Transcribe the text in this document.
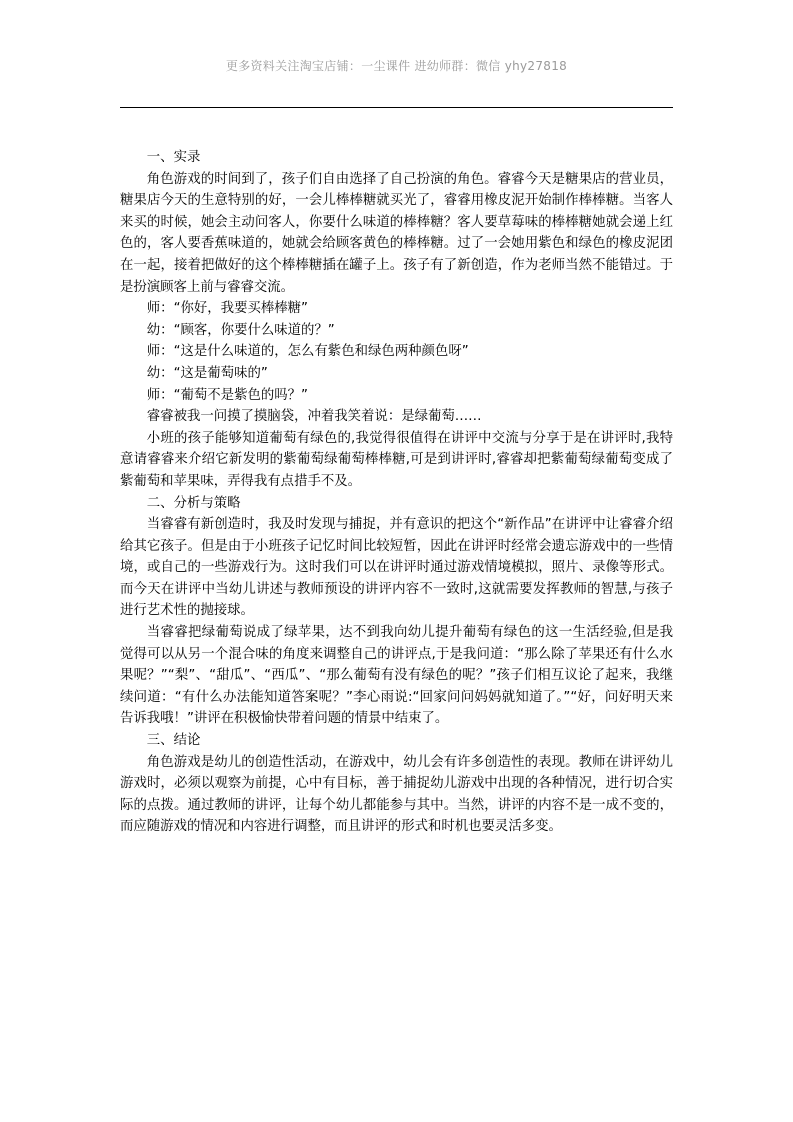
更多资料关注淘宝店铺：一尘课件 进幼师群：微信 yhy27818

一、实录

角色游戏的时间到了，孩子们自由选择了自己扮演的角色。睿睿今天是糖果店的营业员，糖果店今天的生意特别的好，一会儿棒棒糖就买光了，睿睿用橡皮泥开始制作棒棒糖。当客人来买的时候，她会主动问客人，你要什么味道的棒棒糖？客人要草莓味的棒棒糖她就会递上红色的，客人要香蕉味道的，她就会给顾客黄色的棒棒糖。过了一会她用紫色和绿色的橡皮泥团在一起，接着把做好的这个棒棒糖插在罐子上。孩子有了新创造，作为老师当然不能错过。于是扮演顾客上前与睿睿交流。

师：“你好，我要买棒棒糖”

幼：“顾客，你要什么味道的？”

师：“这是什么味道的，怎么有紫色和绿色两种颜色呀”

幼：“这是葡萄味的”

师：“葡萄不是紫色的吗？”

睿睿被我一问摸了摸脑袋，冲着我笑着说：是绿葡萄……

小班的孩子能够知道葡萄有绿色的,我觉得很值得在讲评中交流与分享于是在讲评时,我特意请睿睿来介绍它新发明的紫葡萄绿葡萄棒棒糖,可是到讲评时,睿睿却把紫葡萄绿葡萄变成了紫葡萄和苹果味，弄得我有点措手不及。

二、分析与策略

当睿睿有新创造时，我及时发现与捕捉，并有意识的把这个“新作品”在讲评中让睿睿介绍给其它孩子。但是由于小班孩子记忆时间比较短暂，因此在讲评时经常会遗忘游戏中的一些情境，或自己的一些游戏行为。这时我们可以在讲评时通过游戏情境模拟，照片、录像等形式。而今天在讲评中当幼儿讲述与教师预设的讲评内容不一致时,这就需要发挥教师的智慧,与孩子进行艺术性的抛接球。

当睿睿把绿葡萄说成了绿苹果，达不到我向幼儿提升葡萄有绿色的这一生活经验,但是我觉得可以从另一个混合味的角度来调整自己的讲评点,于是我问道：“那么除了苹果还有什么水果呢？”“梨”、“甜瓜”、“西瓜”、“那么葡萄有没有绿色的呢？”孩子们相互议论了起来，我继续问道：“有什么办法能知道答案呢？”李心雨说:“回家问问妈妈就知道了。”“好，问好明天来告诉我哦！”讲评在积极愉快带着问题的情景中结束了。

三、结论

角色游戏是幼儿的创造性活动，在游戏中，幼儿会有许多创造性的表现。教师在讲评幼儿游戏时，必须以观察为前提，心中有目标，善于捕捉幼儿游戏中出现的各种情况，进行切合实际的点拨。通过教师的讲评，让每个幼儿都能参与其中。当然，讲评的内容不是一成不变的，而应随游戏的情况和内容进行调整，而且讲评的形式和时机也要灵活多变。
